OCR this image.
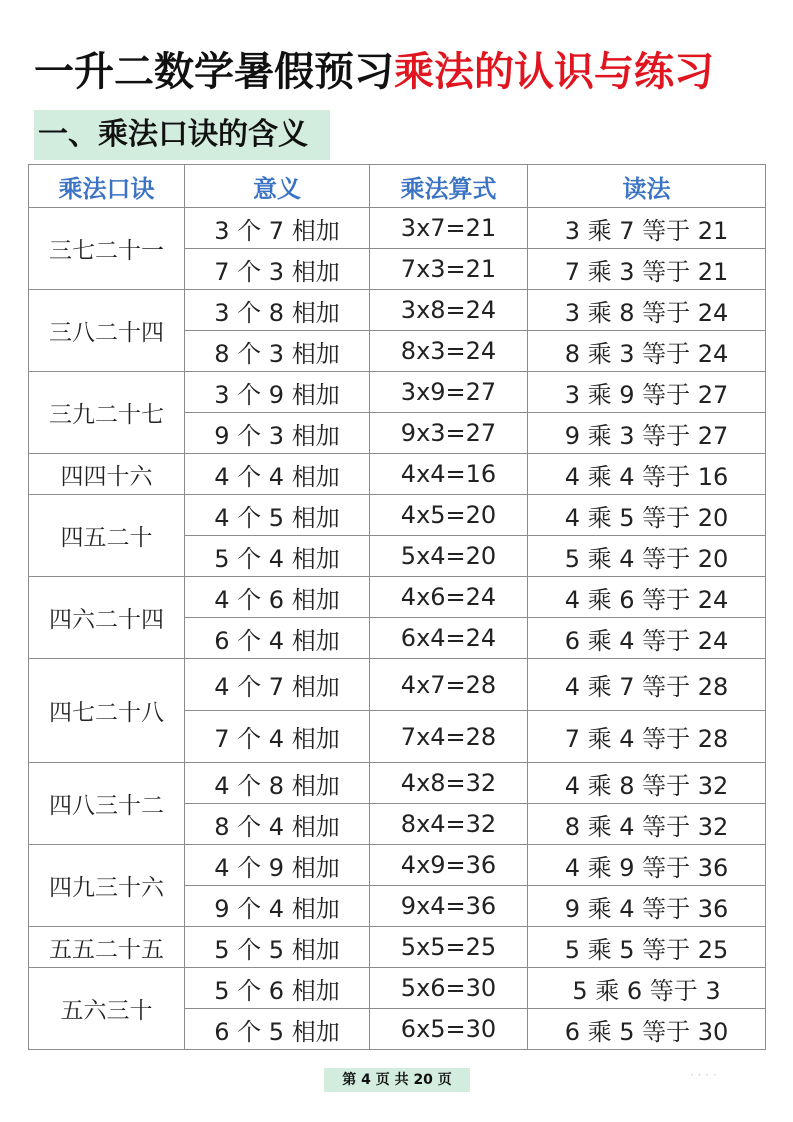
一升二数学暑假预习乘法的认识与练习
一、乘法口诀的含义
乘法口诀	意义	乘法算式	读法
三七二十一	3 个 7 相加	3x7=21	3 乘 7 等于 21
	7 个 3 相加	7x3=21	7 乘 3 等于 21
三八二十四	3 个 8 相加	3x8=24	3 乘 8 等于 24
	8 个 3 相加	8x3=24	8 乘 3 等于 24
三九二十七	3 个 9 相加	3x9=27	3 乘 9 等于 27
	9 个 3 相加	9x3=27	9 乘 3 等于 27
四四十六	4 个 4 相加	4x4=16	4 乘 4 等于 16
四五二十	4 个 5 相加	4x5=20	4 乘 5 等于 20
	5 个 4 相加	5x4=20	5 乘 4 等于 20
四六二十四	4 个 6 相加	4x6=24	4 乘 6 等于 24
	6 个 4 相加	6x4=24	6 乘 4 等于 24
四七二十八	4 个 7 相加	4x7=28	4 乘 7 等于 28
	7 个 4 相加	7x4=28	7 乘 4 等于 28
四八三十二	4 个 8 相加	4x8=32	4 乘 8 等于 32
	8 个 4 相加	8x4=32	8 乘 4 等于 32
四九三十六	4 个 9 相加	4x9=36	4 乘 9 等于 36
	9 个 4 相加	9x4=36	9 乘 4 等于 36
五五二十五	5 个 5 相加	5x5=25	5 乘 5 等于 25
五六三十	5 个 6 相加	5x6=30	5 乘 6 等于 3
	6 个 5 相加	6x5=30	6 乘 5 等于 30
第 4 页 共 20 页	· · · ·
